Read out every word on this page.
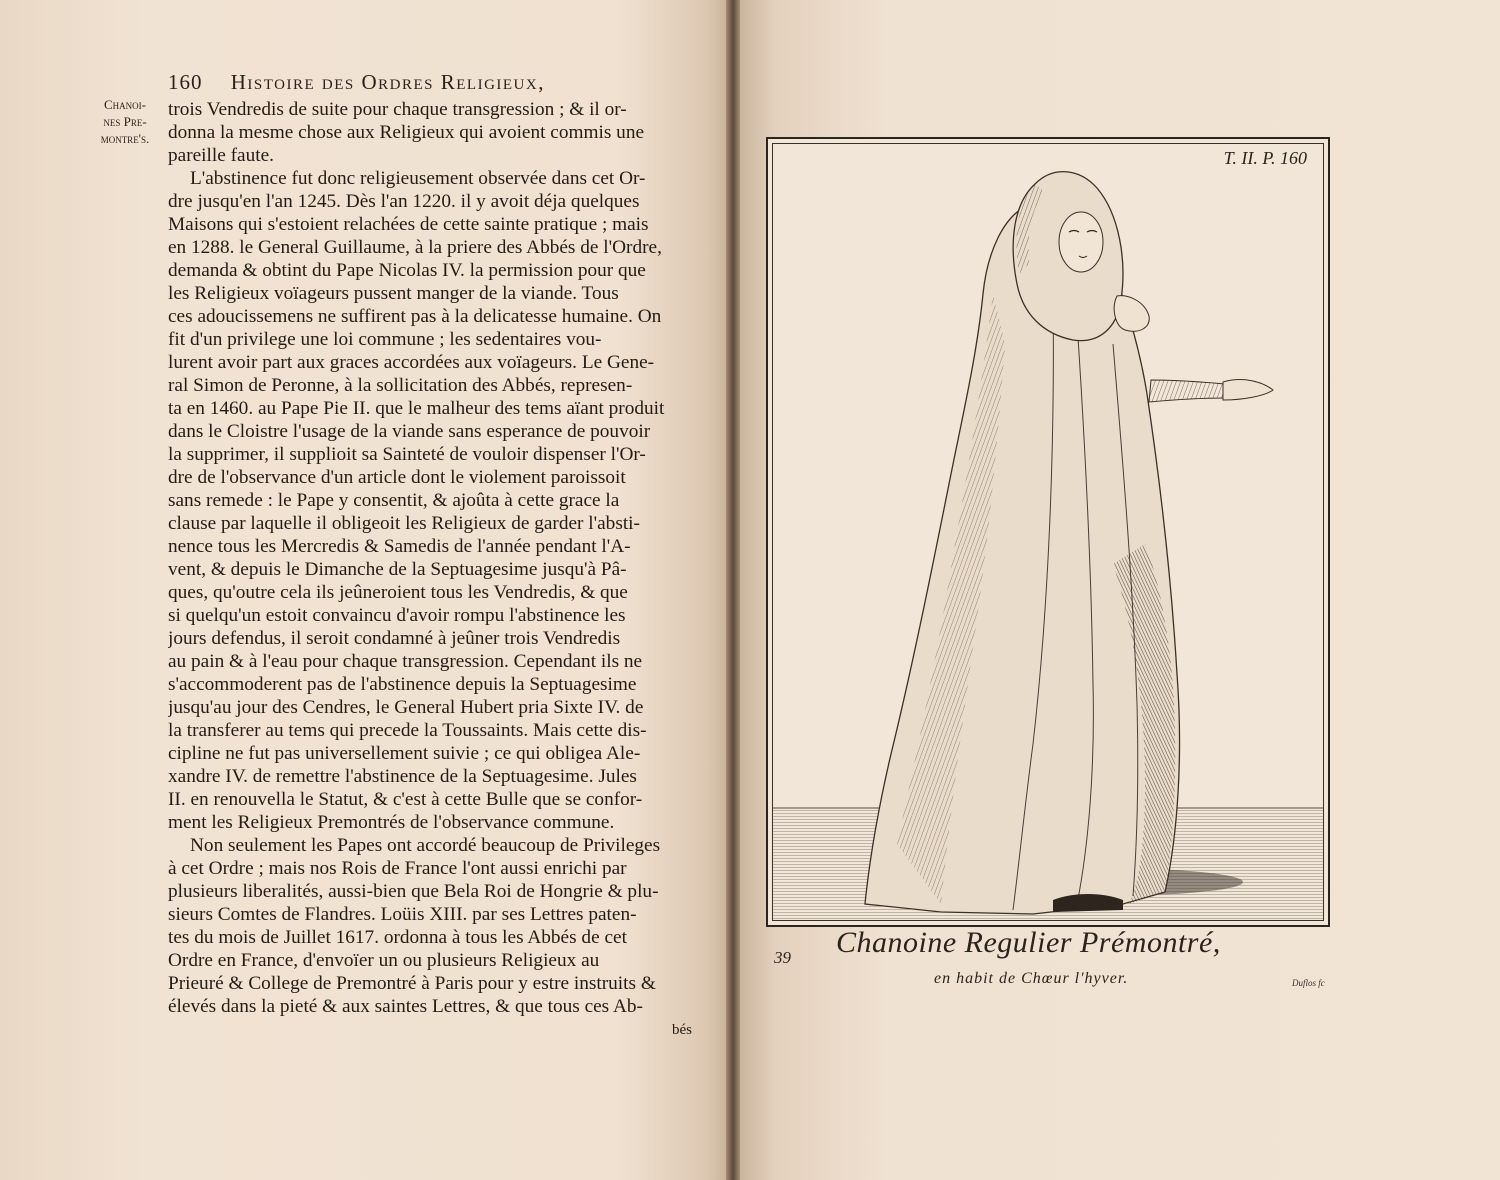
160 Histoire des Ordres Religieux,
Chanoi-
nes Pre-
montre's.
trois Vendredis de suite pour chaque transgression ; & il or-
donna la mesme chose aux Religieux qui avoient commis une
pareille faute.
L'abstinence fut donc religieusement observée dans cet Or-
dre jusqu'en l'an 1245. Dès l'an 1220. il y avoit déja quelques
Maisons qui s'estoient relachées de cette sainte pratique ; mais
en 1288. le General Guillaume, à la priere des Abbés de l'Ordre,
demanda & obtint du Pape Nicolas IV. la permission pour que
les Religieux voïageurs pussent manger de la viande. Tous
ces adoucissemens ne suffirent pas à la delicatesse humaine. On
fit d'un privilege une loi commune ; les sedentaires vou-
lurent avoir part aux graces accordées aux voïageurs. Le Gene-
ral Simon de Peronne, à la sollicitation des Abbés, represen-
ta en 1460. au Pape Pie II. que le malheur des tems aïant produit
dans le Cloistre l'usage de la viande sans esperance de pouvoir
la supprimer, il supplioit sa Sainteté de vouloir dispenser l'Or-
dre de l'observance d'un article dont le violement paroissoit
sans remede : le Pape y consentit, & ajoûta à cette grace la
clause par laquelle il obligeoit les Religieux de garder l'absti-
nence tous les Mercredis & Samedis de l'année pendant l'A-
vent, & depuis le Dimanche de la Septuagesime jusqu'à Pâ-
ques, qu'outre cela ils jeûneroient tous les Vendredis, & que
si quelqu'un estoit convaincu d'avoir rompu l'abstinence les
jours defendus, il seroit condamné à jeûner trois Vendredis
au pain & à l'eau pour chaque transgression. Cependant ils ne
s'accommoderent pas de l'abstinence depuis la Septuagesime
jusqu'au jour des Cendres, le General Hubert pria Sixte IV. de
la transferer au tems qui precede la Toussaints. Mais cette dis-
cipline ne fut pas universellement suivie ; ce qui obligea Ale-
xandre IV. de remettre l'abstinence de la Septuagesime. Jules
II. en renouvella le Statut, & c'est à cette Bulle que se confor-
ment les Religieux Premontrés de l'observance commune.
Non seulement les Papes ont accordé beaucoup de Privileges
à cet Ordre ; mais nos Rois de France l'ont aussi enrichi par
plusieurs liberalités, aussi-bien que Bela Roi de Hongrie & plu-
sieurs Comtes de Flandres. Loüis XIII. par ses Lettres paten-
tes du mois de Juillet 1617. ordonna à tous les Abbés de cet
Ordre en France, d'envoïer un ou plusieurs Religieux au
Prieuré & College de Premontré à Paris pour y estre instruits &
élevés dans la pieté & aux saintes Lettres, & que tous ces Ab-
bés
T. II. P. 160
39 Chanoine Regulier Prémontré,
en habit de Chœur l'hyver.	Duflos fc
